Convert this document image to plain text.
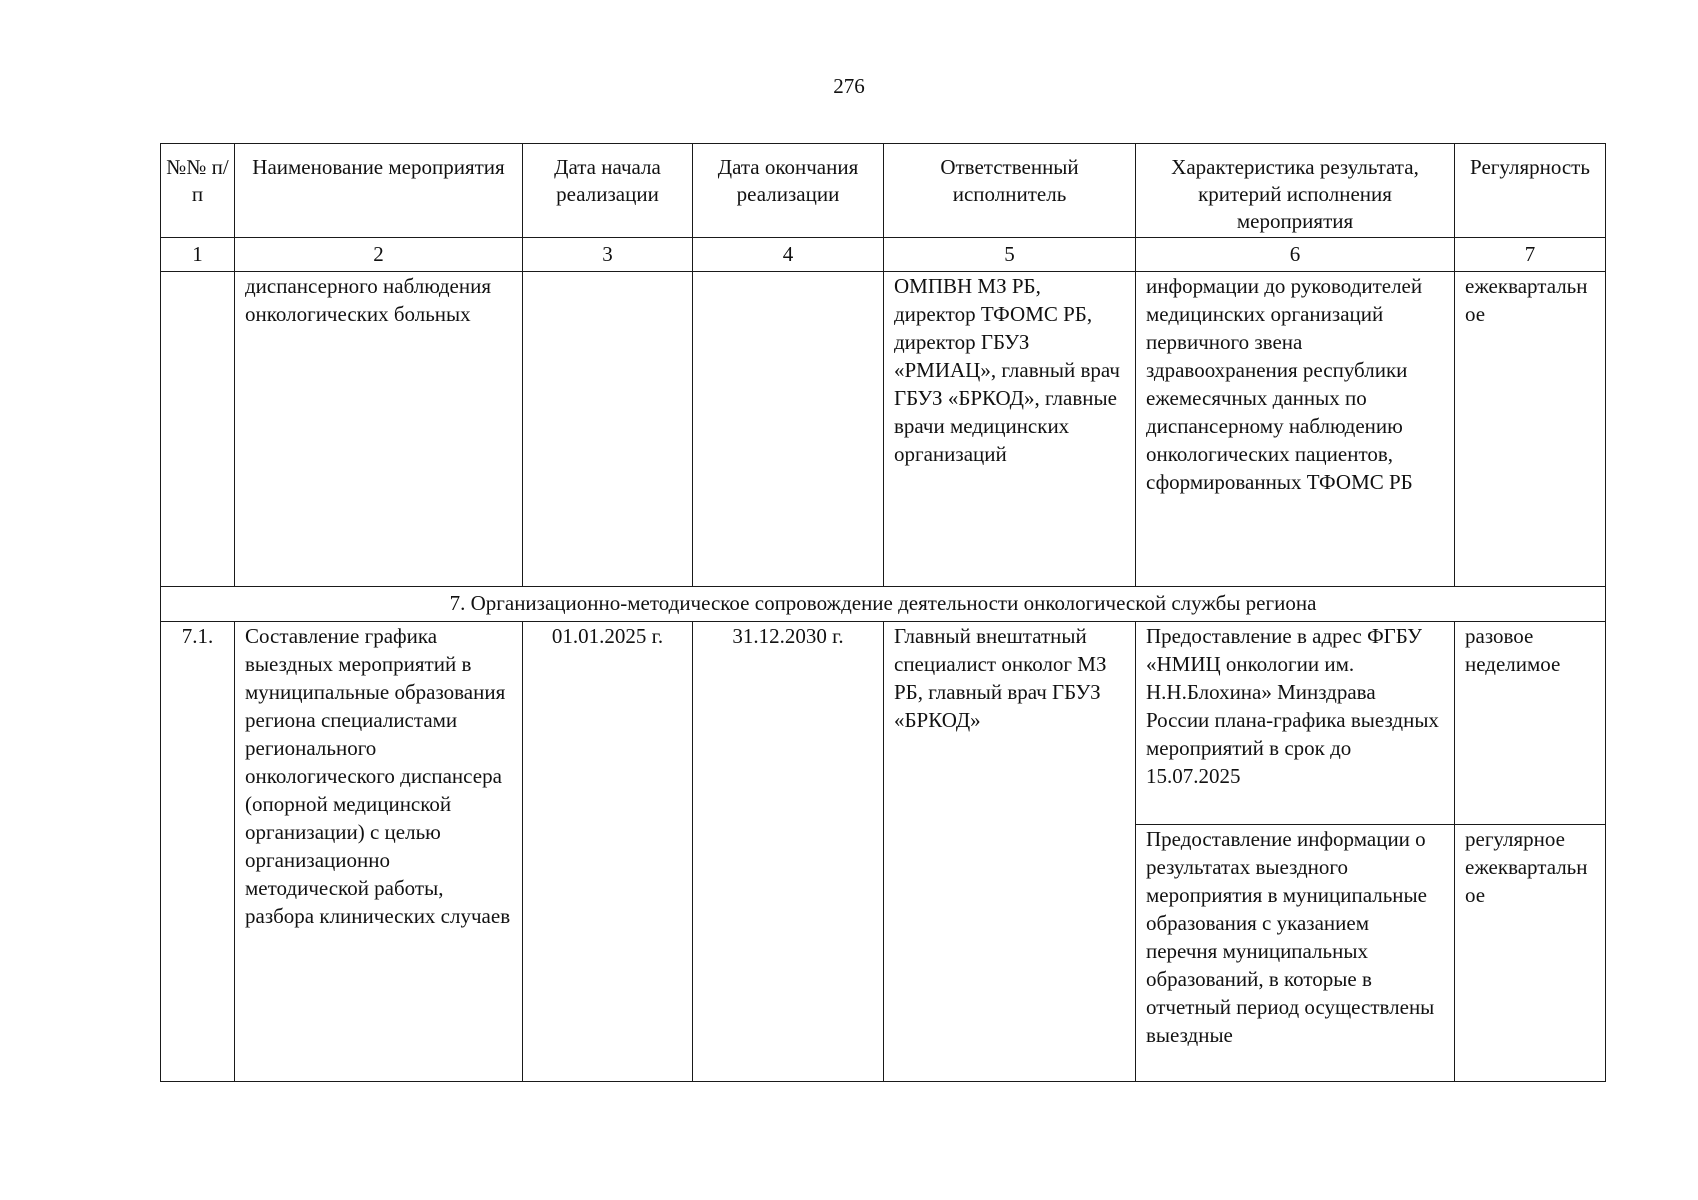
276
№№ п/п	Наименование мероприятия	Дата начала реализации	Дата окончания реализации	Ответственный исполнитель	Характеристика результата, критерий исполнения мероприятия	Регулярность
1	2	3	4	5	6	7
	диспансерного наблюдения онкологических больных			ОМПВН МЗ РБ, директор ТФОМС РБ, директор ГБУЗ «РМИАЦ», главный врач ГБУЗ «БРКОД», главные врачи медицинских организаций	информации до руководителей медицинских организаций первичного звена здравоохранения республики ежемесячных данных по диспансерному наблюдению онкологических пациентов, сформированных ТФОМС РБ	ежеквартальное
7. Организационно-методическое сопровождение деятельности онкологической службы региона						
7.1.	Составление графика выездных мероприятий в муниципальные образования региона специалистами регионального онкологического диспансера (опорной медицинской организации) с целью организационно методической работы, разбора клинических случаев	01.01.2025 г.	31.12.2030 г.	Главный внештатный специалист онколог МЗ РБ, главный врач ГБУЗ «БРКОД»	Предоставление в адрес ФГБУ «НМИЦ онкологии им. Н.Н.Блохина» Минздрава России плана-графика выездных мероприятий в срок до 15.07.2025	разовое неделимое
					Предоставление информации о результатах выездного мероприятия в муниципальные образования с указанием перечня муниципальных образований, в которые в отчетный период осуществлены выездные	регулярное ежеквартальное
